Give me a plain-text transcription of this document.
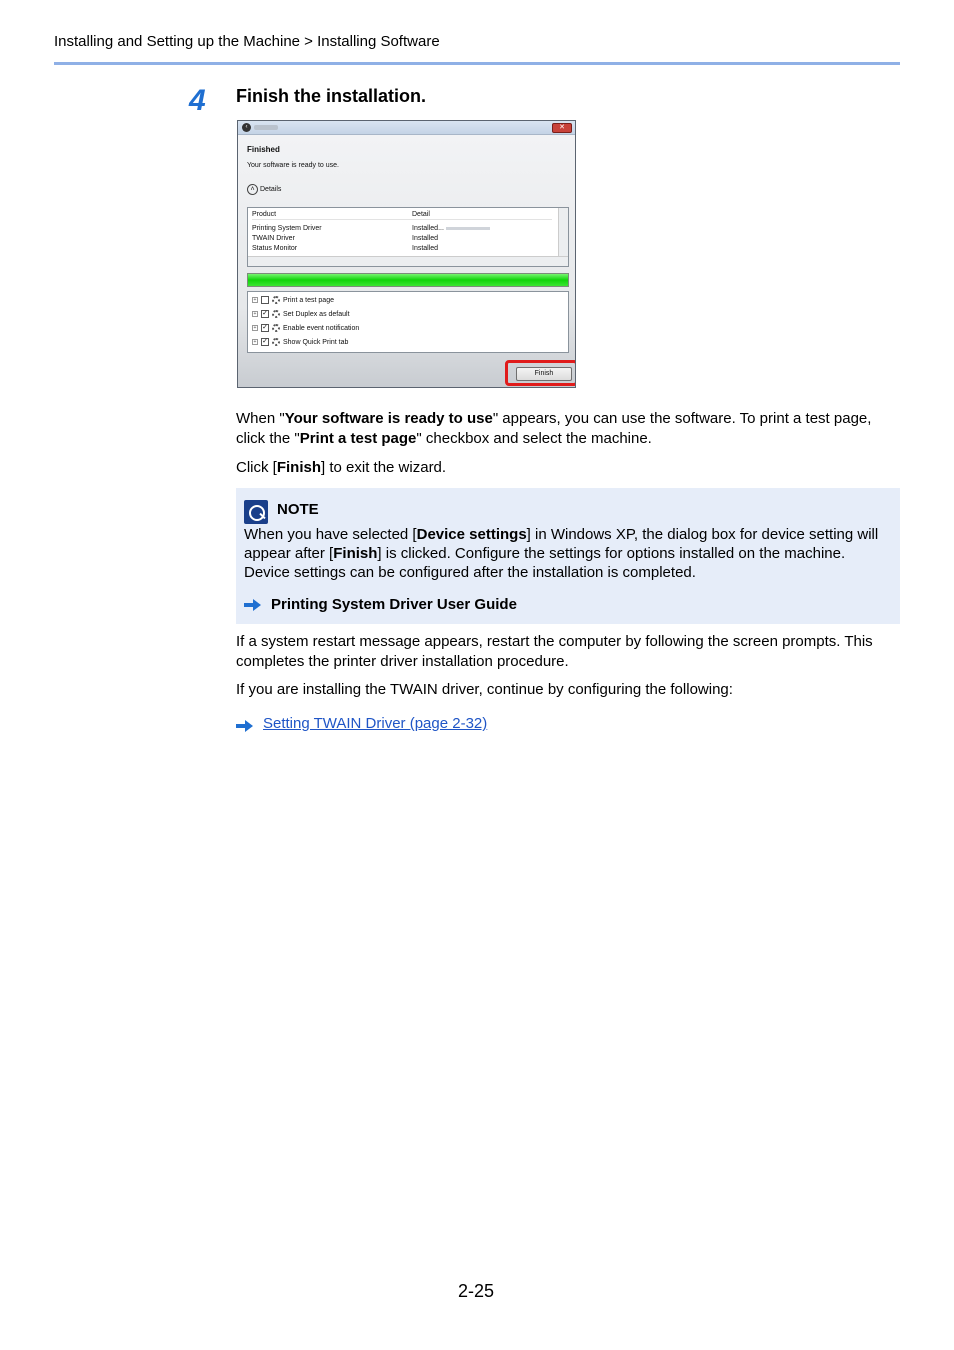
Installing and Setting up the Machine > Installing Software
4 Finish the installation.
‹	✕
Finished
Your software is ready to use.
˄ Details
Product	Detail
Printing System Driver	Installed...
TWAIN Driver	Installed
Status Monitor	Installed
+	Print a test page
+ ✓ Set Duplex as default
+ ✓ Enable event notification
+ ✓ Show Quick Print tab
Finish
When "Your software is ready to use" appears, you can use the software. To print a test page, click the "Print a test page" checkbox and select the machine.
Click [Finish] to exit the wizard.
NOTE
When you have selected [Device settings] in Windows XP, the dialog box for device setting will appear after [Finish] is clicked. Configure the settings for options installed on the machine. Device settings can be configured after the installation is completed.
Printing System Driver User Guide
If a system restart message appears, restart the computer by following the screen prompts. This completes the printer driver installation procedure.
If you are installing the TWAIN driver, continue by configuring the following:
Setting TWAIN Driver (page 2-32)
2-25
